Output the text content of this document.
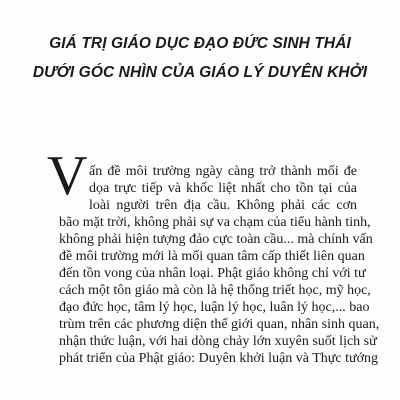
GIÁ TRỊ GIÁO DỤC ĐẠO ĐỨC SINH THÁI
DƯỚI GÓC NHÌN CỦA GIÁO LÝ DUYÊN KHỞI
V ấn đề môi trường ngày càng trở thành mối đe
dọa trực tiếp và khốc liệt nhất cho tồn tại của
loài người trên địa cầu. Không phải các cơn
bão mặt trời, không phải sự va chạm của tiểu hành tinh,
không phải hiện tượng đảo cực toàn cầu... mà chính vấn
đề môi trường mới là mối quan tâm cấp thiết liên quan
đến tồn vong của nhân loại. Phật giáo không chỉ với tư
cách một tôn giáo mà còn là hệ thống triết học, mỹ học,
đạo đức học, tâm lý học, luận lý học, luân lý học,... bao
trùm trên các phương diện thế giới quan, nhân sinh quan,
nhận thức luận, với hai dòng chảy lớn xuyên suốt lịch sử
phát triển của Phật giáo: Duyên khởi luận và Thực tướng
